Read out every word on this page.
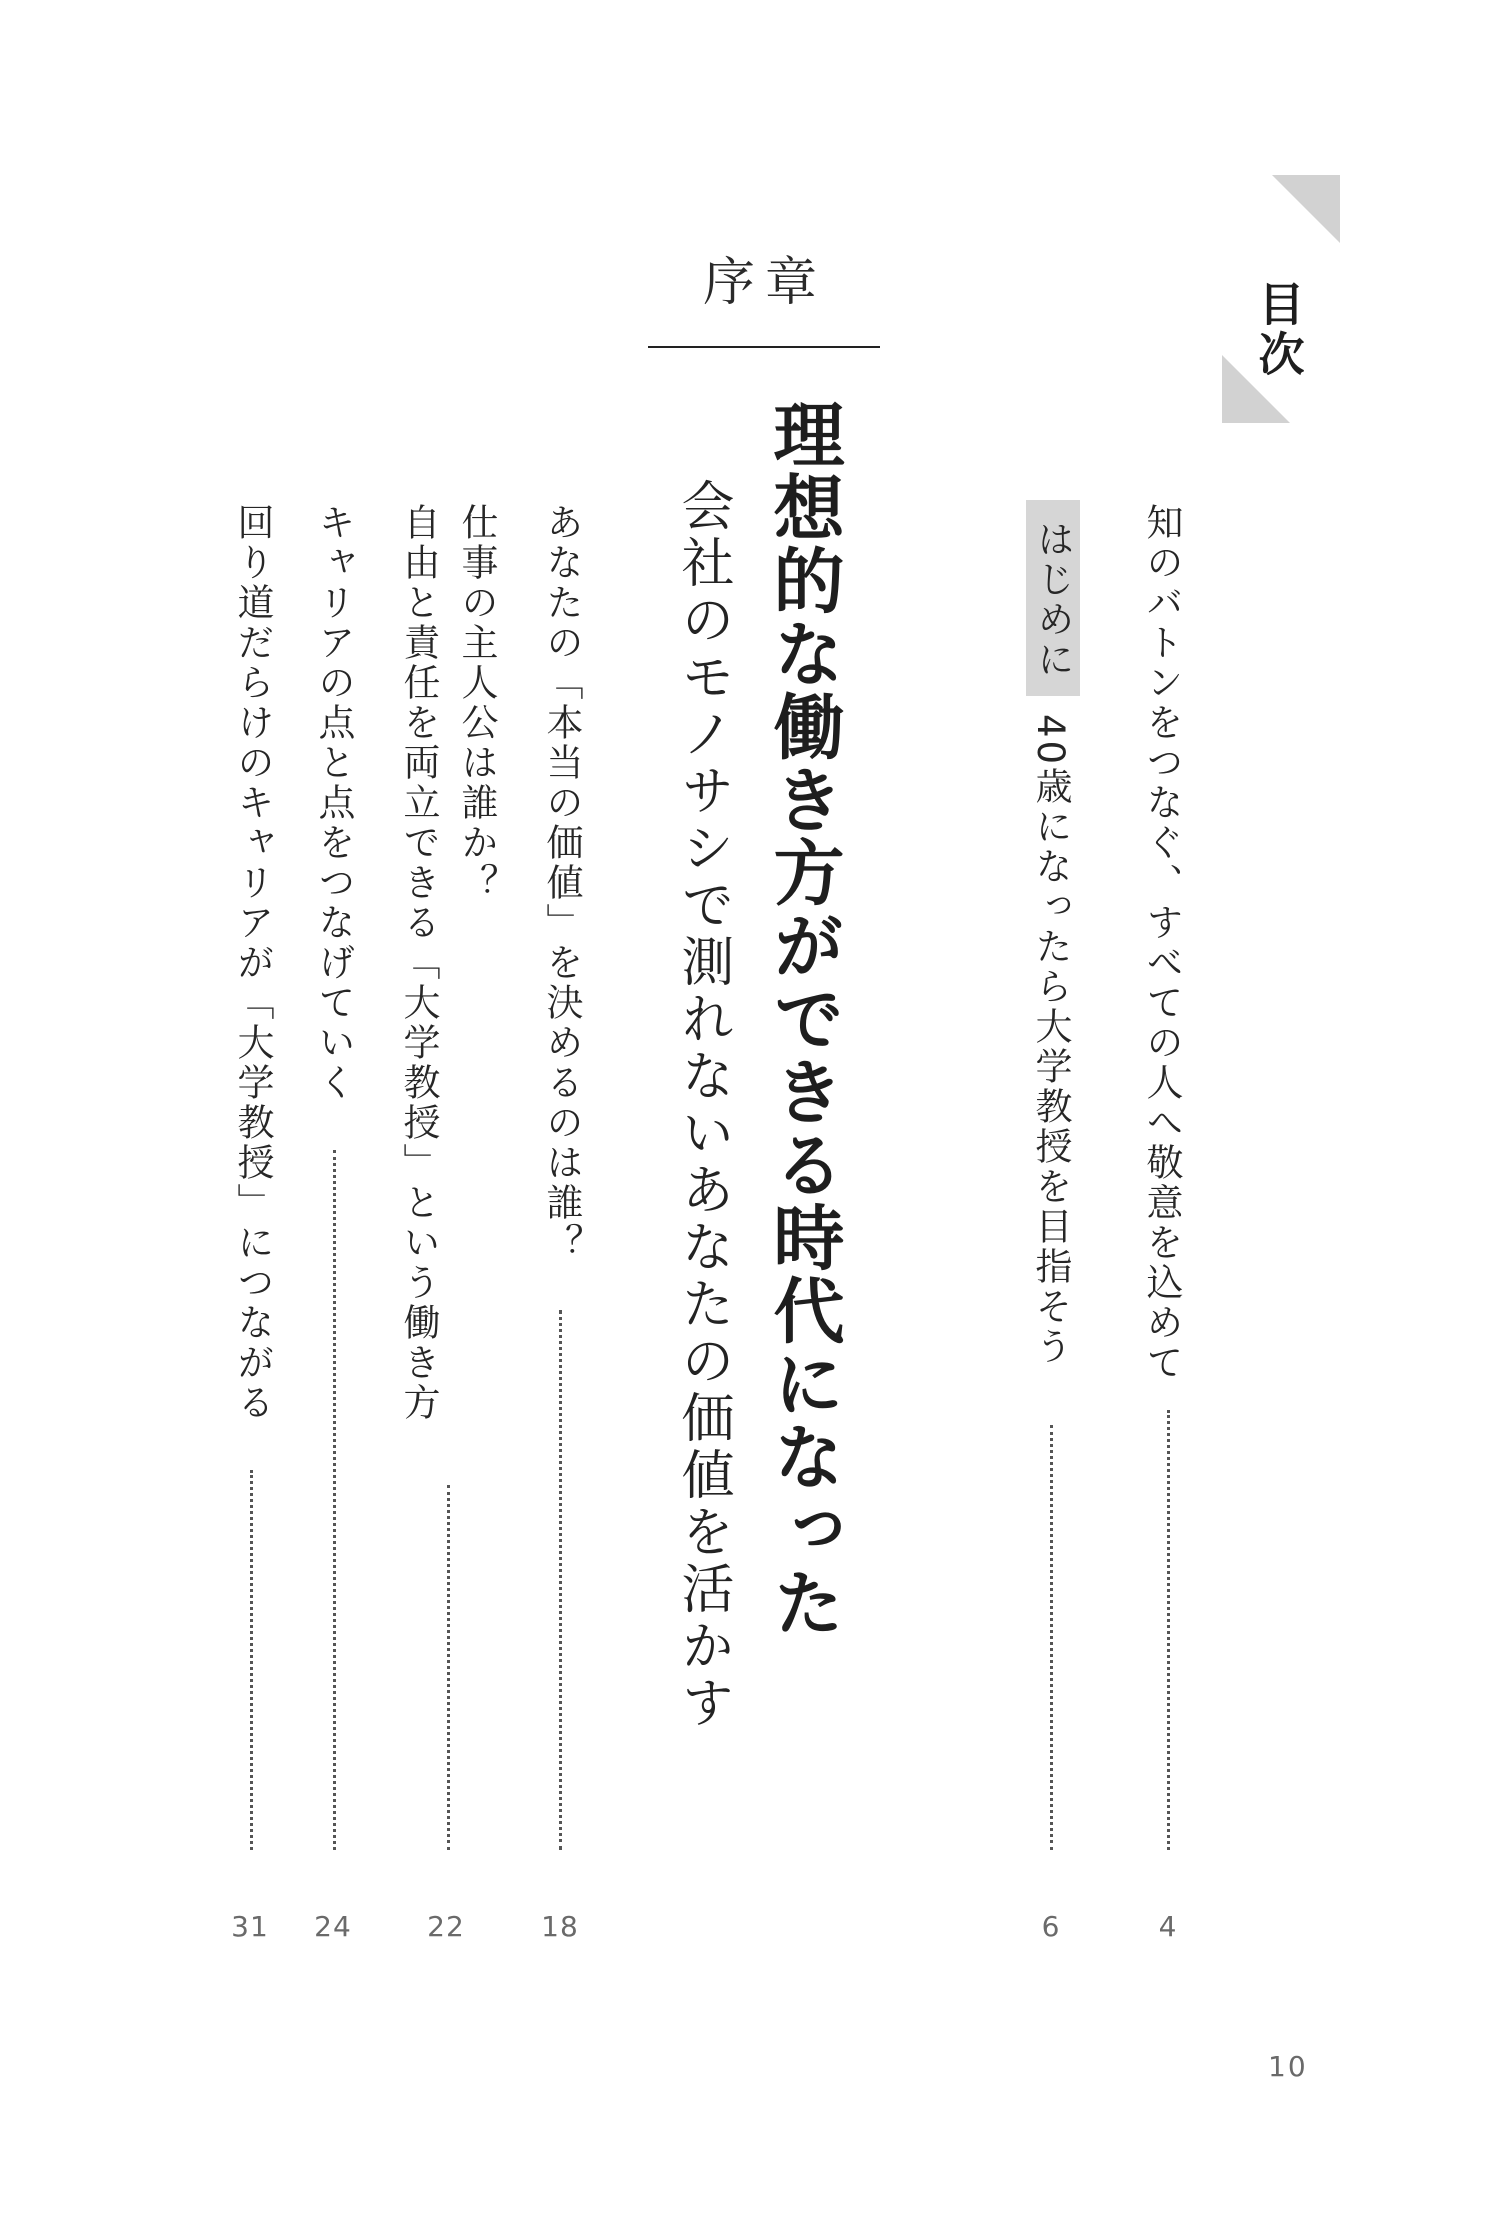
目次
知のバトンをつなぐ、すべての人へ敬意を込めて
4
はじめに
40歳になったら大学教授を目指そう
6
序章
理想的な働き方ができる時代になった
会社のモノサシで測れないあなたの価値を活かす
あなたの「本当の価値」を決めるのは誰？
18
仕事の主人公は誰か？
自由と責任を両立できる「大学教授」という働き方
22
キャリアの点と点をつなげていく
24
回り道だらけのキャリアが「大学教授」につながる
31
10
